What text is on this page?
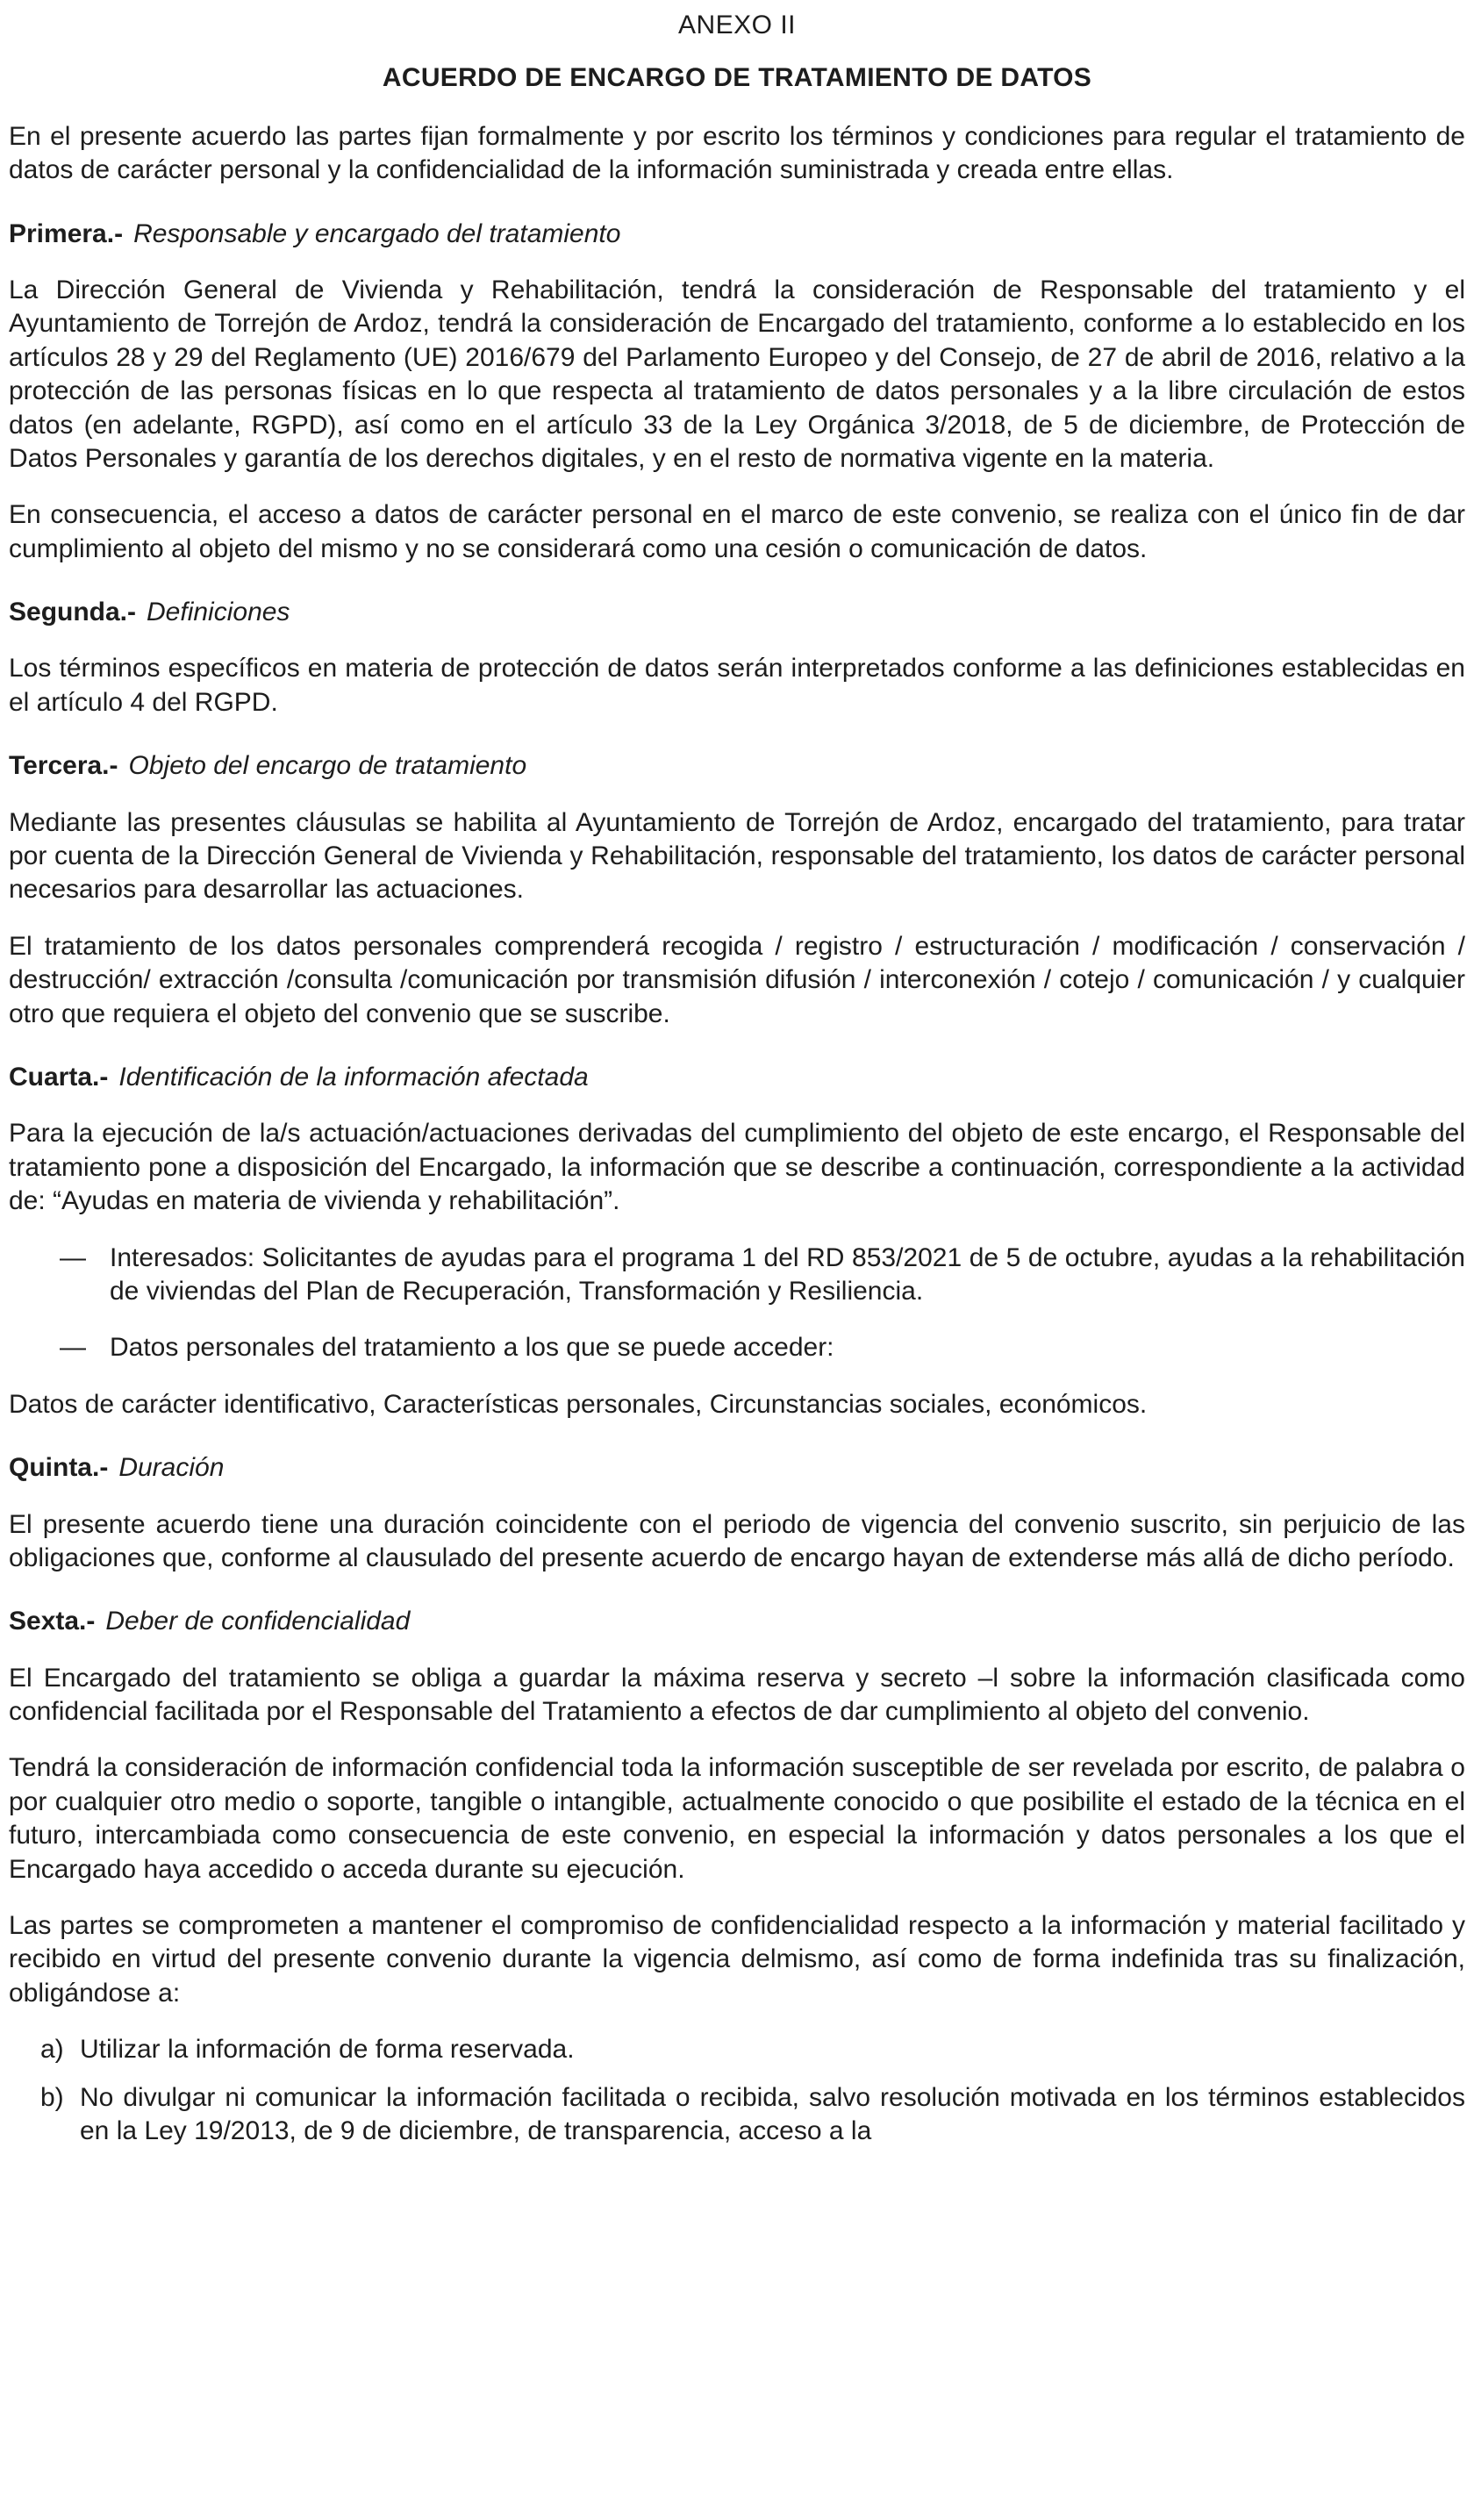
ANEXO II
ACUERDO DE ENCARGO DE TRATAMIENTO DE DATOS

En el presente acuerdo las partes fijan formalmente y por escrito los términos y condiciones para regular el tratamiento de datos de carácter personal y la confidencialidad de la información suministrada y creada entre ellas.

Primera.- Responsable y encargado del tratamiento

La Dirección General de Vivienda y Rehabilitación, tendrá la consideración de Responsable del tratamiento y el Ayuntamiento de Torrejón de Ardoz, tendrá la consideración de Encargado del tratamiento, conforme a lo establecido en los artículos 28 y 29 del Reglamento (UE) 2016/679 del Parlamento Europeo y del Consejo, de 27 de abril de 2016, relativo a la protección de las personas físicas en lo que respecta al tratamiento de datos personales y a la libre circulación de estos datos (en adelante, RGPD), así como en el artículo 33 de la Ley Orgánica 3/2018, de 5 de diciembre, de Protección de Datos Personales y garantía de los derechos digitales, y en el resto de normativa vigente en la materia.

En consecuencia, el acceso a datos de carácter personal en el marco de este convenio, se realiza con el único fin de dar cumplimiento al objeto del mismo y no se considerará como una cesión o comunicación de datos.

Segunda.- Definiciones

Los términos específicos en materia de protección de datos serán interpretados conforme a las definiciones establecidas en el artículo 4 del RGPD.

Tercera.- Objeto del encargo de tratamiento

Mediante las presentes cláusulas se habilita al Ayuntamiento de Torrejón de Ardoz, encargado del tratamiento, para tratar por cuenta de la Dirección General de Vivienda y Rehabilitación, responsable del tratamiento, los datos de carácter personal necesarios para desarrollar las actuaciones.

El tratamiento de los datos personales comprenderá recogida / registro / estructuración / modificación / conservación / destrucción/ extracción /consulta /comunicación por transmisión difusión / interconexión / cotejo / comunicación / y cualquier otro que requiera el objeto del convenio que se suscribe.

Cuarta.- Identificación de la información afectada

Para la ejecución de la/s actuación/actuaciones derivadas del cumplimiento del objeto de este encargo, el Responsable del tratamiento pone a disposición del Encargado, la información que se describe a continuación, correspondiente a la actividad de: “Ayudas en materia de vivienda y rehabilitación”.

— Interesados: Solicitantes de ayudas para el programa 1 del RD 853/2021 de 5 de octubre, ayudas a la rehabilitación de viviendas del Plan de Recuperación, Transformación y Resiliencia.
— Datos personales del tratamiento a los que se puede acceder:

Datos de carácter identificativo, Características personales, Circunstancias sociales, económicos.

Quinta.- Duración

El presente acuerdo tiene una duración coincidente con el periodo de vigencia del convenio suscrito, sin perjuicio de las obligaciones que, conforme al clausulado del presente acuerdo de encargo hayan de extenderse más allá de dicho período.

Sexta.- Deber de confidencialidad

El Encargado del tratamiento se obliga a guardar la máxima reserva y secreto –l sobre la información clasificada como confidencial facilitada por el Responsable del Tratamiento a efectos de dar cumplimiento al objeto del convenio.

Tendrá la consideración de información confidencial toda la información susceptible de ser revelada por escrito, de palabra o por cualquier otro medio o soporte, tangible o intangible, actualmente conocido o que posibilite el estado de la técnica en el futuro, intercambiada como consecuencia de este convenio, en especial la información y datos personales a los que el Encargado haya accedido o acceda durante su ejecución.

Las partes se comprometen a mantener el compromiso de confidencialidad respecto a la información y material facilitado y recibido en virtud del presente convenio durante la vigencia delmismo, así como de forma indefinida tras su finalización, obligándose a:

a) Utilizar la información de forma reservada.
b) No divulgar ni comunicar la información facilitada o recibida, salvo resolución motivada en los términos establecidos en la Ley 19/2013, de 9 de diciembre, de transparencia, acceso a la
